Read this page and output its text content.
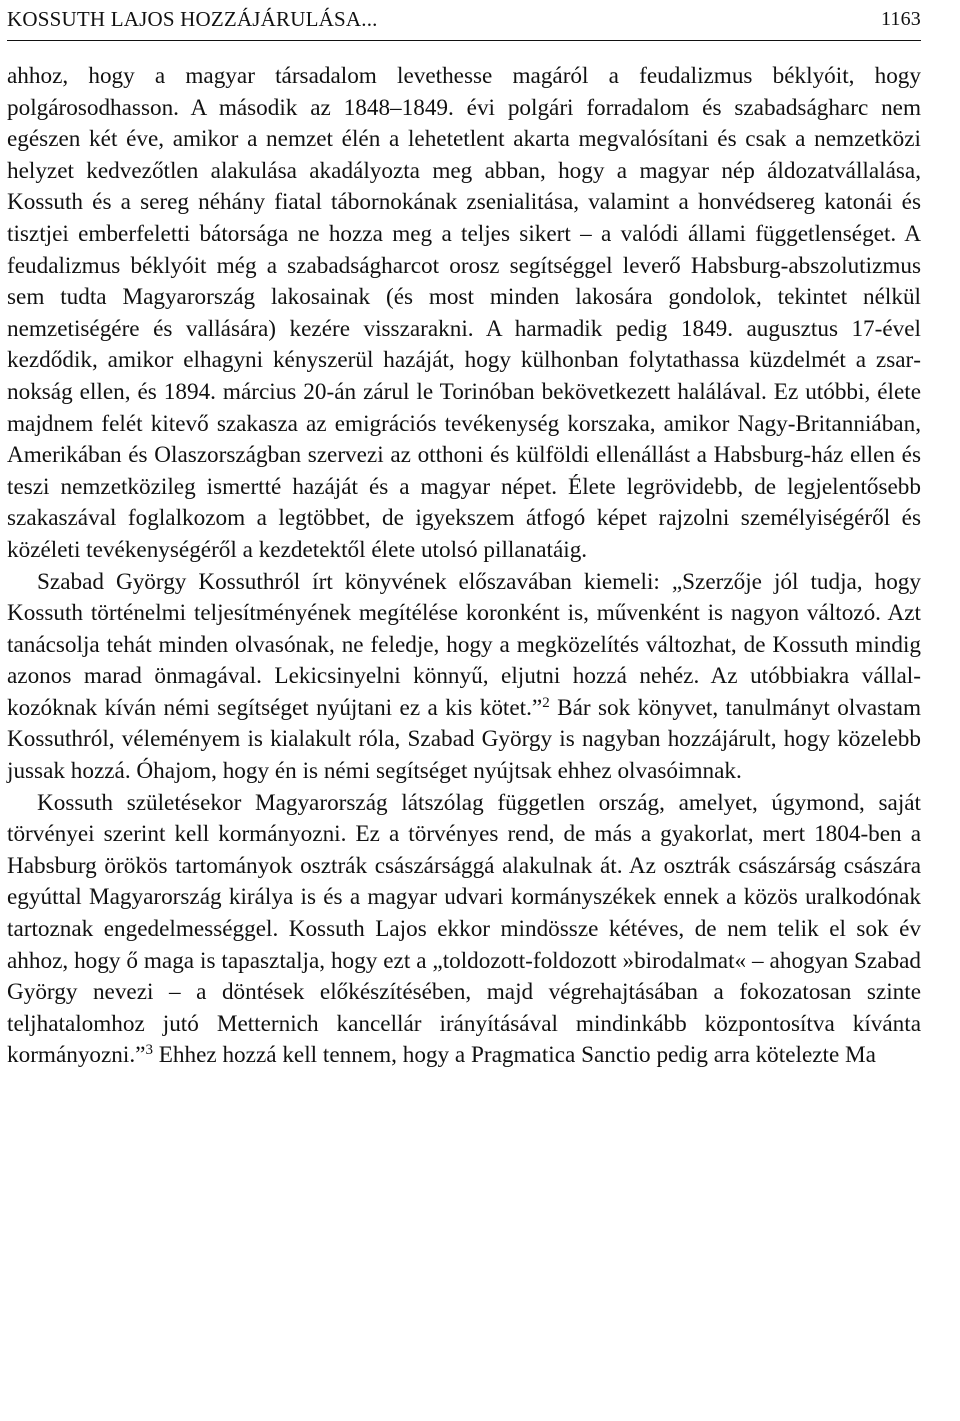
KOSSUTH LAJOS HOZZÁJÁRULÁSA...	1163

ahhoz, hogy a magyar társadalom levethesse magáról a feudalizmus béklyóit, hogy polgárosodhasson. A második az 1848–1849. évi polgári forradalom és szabadságharc nem egészen két éve, amikor a nemzet élén a lehetetlent akarta megvalósítani és csak a nemzetközi helyzet kedvezőtlen alakulása akadályozta meg abban, hogy a magyar nép áldozatvállalása, Kossuth és a sereg néhány fiatal tábornokának zsenialitása, valamint a honvédsereg katonái és tisztjei emberfeletti bátorsága ne hozza meg a teljes sikert – a valódi állami függetlenséget. A feudalizmus béklyóit még a szabadságharcot orosz segítséggel leverő Habsburg-abszolutizmus sem tudta Magyarország lakosainak (és most minden lakosára gondolok, tekintet nélkül nemzetiségére és vallására) kezére visszarakni. A harmadik pedig 1849. augusztus 17-ével kezdődik, amikor elhagyni kényszerül hazáját, hogy külhonban folytathassa küzdelmét a zsarnokság ellen, és 1894. március 20-án zárul le Torinóban bekövetkezett halálával. Ez utóbbi, élete majdnem felét kitevő szakasza az emigrációs tevékenység korszaka, amikor Nagy-Britanniában, Amerikában és Olaszországban szervezi az otthoni és külföldi ellenállást a Habsburg-ház ellen és teszi nemzetközileg ismertté hazáját és a magyar népet. Élete legrövidebb, de legjelentősebb szakaszával foglalkozom a legtöbbet, de igyekszem átfogó képet rajzolni személyiségéről és közéleti tevékenységéről a kezdetektől élete utolsó pillanatáig.

Szabad György Kossuthról írt könyvének előszavában kiemeli: „Szerzője jól tudja, hogy Kossuth történelmi teljesítményének megítélése koronként is, művenként is nagyon változó. Azt tanácsolja tehát minden olvasónak, ne feledje, hogy a megközelítés változhat, de Kossuth mindig azonos marad önmagával. Lekicsinyelni könnyű, eljutni hozzá nehéz. Az utóbbiakra vállalkozóknak kíván némi segítséget nyújtani ez a kis kötet.”$^2$ Bár sok könyvet, tanulmányt olvastam Kossuthról, véleményem is kialakult róla, Szabad György is nagyban hozzájárult, hogy közelebb jussak hozzá. Óhajom, hogy én is némi segítséget nyújtsak ehhez olvasóimnak.

Kossuth születésekor Magyarország látszólag független ország, amelyet, úgymond, saját törvényei szerint kell kormányozni. Ez a törvényes rend, de más a gyakorlat, mert 1804-ben a Habsburg örökös tartományok osztrák császársággá alakulnak át. Az osztrák császárság császára egyúttal Magyarország királya is és a magyar udvari kormányszékek ennek a közös uralkodónak tartoznak engedelmességgel. Kossuth Lajos ekkor mindössze kétéves, de nem telik el sok év ahhoz, hogy ő maga is tapasztalja, hogy ezt a „toldozott-foldozott »birodalmat« – ahogyan Szabad György nevezi – a döntések előkészítésében, majd végrehajtásában a fokozatosan szinte teljhatalomhoz jutó Metternich kancellár irányításával mindinkább központosítva kívánta kormányozni.”$^3$ Ehhez hozzá kell tennem, hogy a Pragmatica Sanctio pedig arra kötelezte Ma
